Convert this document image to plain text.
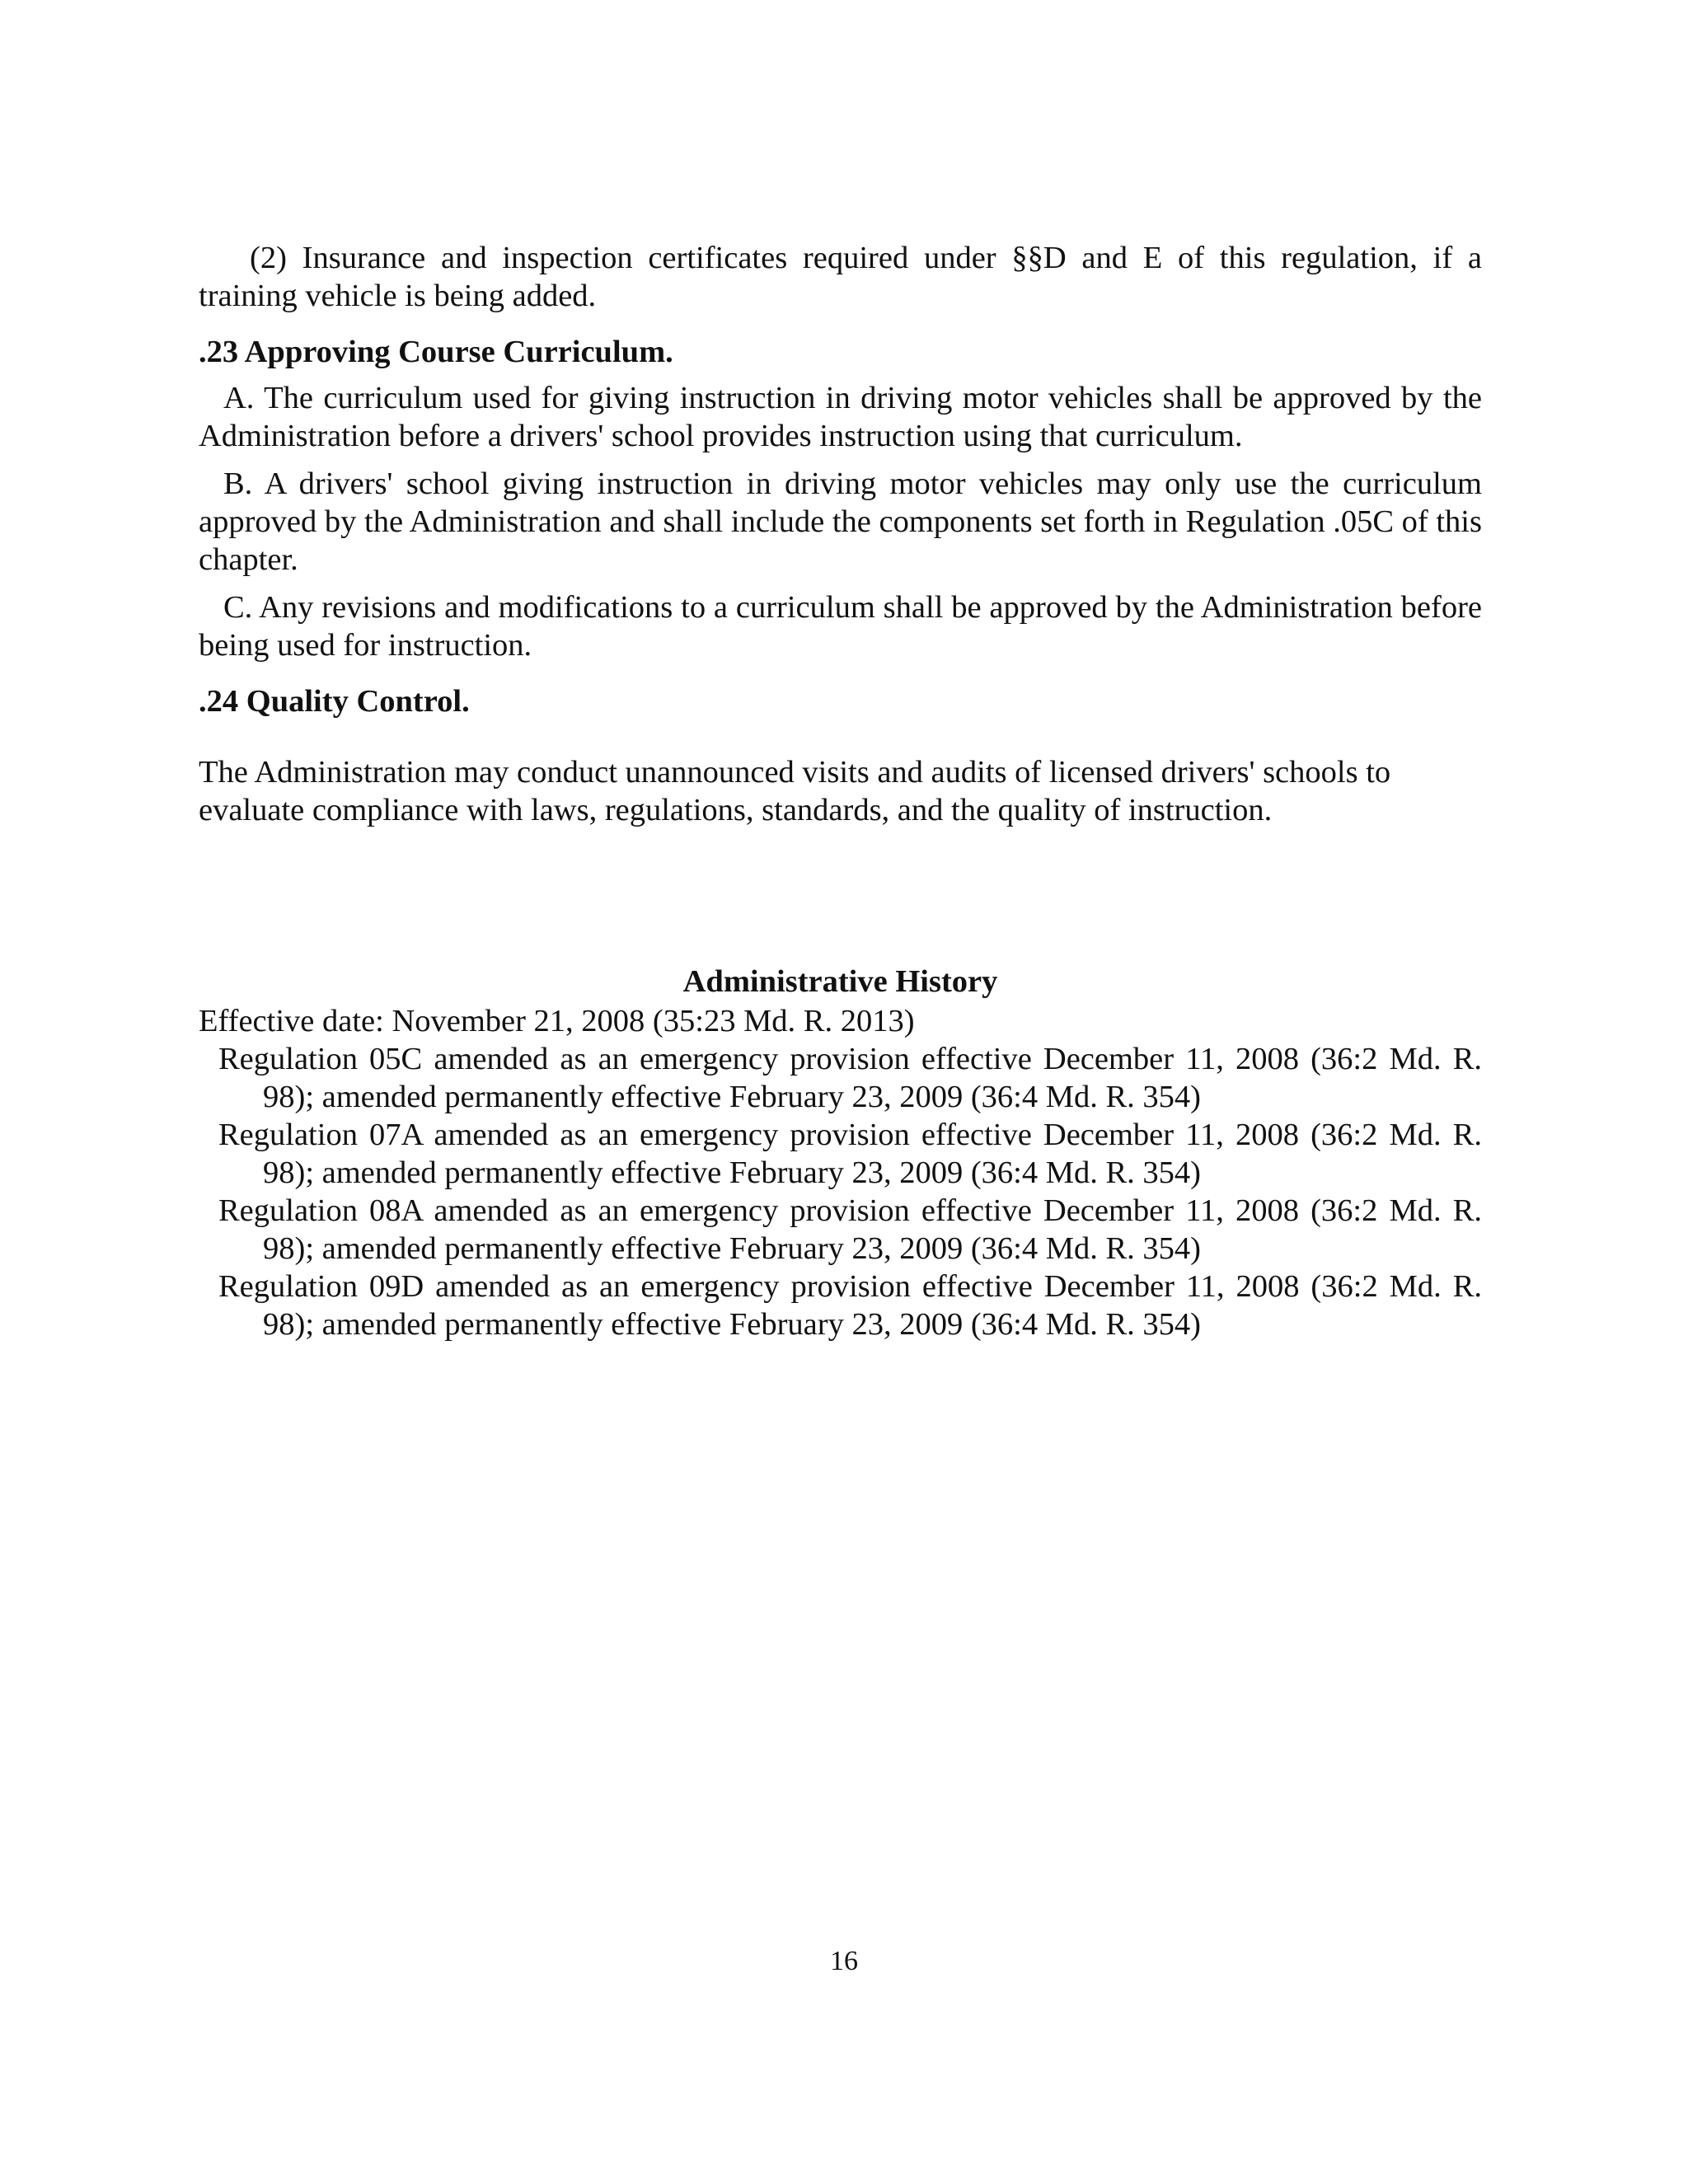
(2) Insurance and inspection certificates required under §§D and E of this regulation, if a training vehicle is being added.

.23 Approving Course Curriculum.

A. The curriculum used for giving instruction in driving motor vehicles shall be approved by the Administration before a drivers' school provides instruction using that curriculum.

B. A drivers' school giving instruction in driving motor vehicles may only use the curriculum approved by the Administration and shall include the components set forth in Regulation .05C of this chapter.

C. Any revisions and modifications to a curriculum shall be approved by the Administration before being used for instruction.

.24 Quality Control.

The Administration may conduct unannounced visits and audits of licensed drivers' schools to evaluate compliance with laws, regulations, standards, and the quality of instruction.

Administrative History

Effective date: November 21, 2008 (35:23 Md. R. 2013)

Regulation 05C amended as an emergency provision effective December 11, 2008 (36:2 Md. R. 98); amended permanently effective February 23, 2009 (36:4 Md. R. 354)

Regulation 07A amended as an emergency provision effective December 11, 2008 (36:2 Md. R. 98); amended permanently effective February 23, 2009 (36:4 Md. R. 354)

Regulation 08A amended as an emergency provision effective December 11, 2008 (36:2 Md. R. 98); amended permanently effective February 23, 2009 (36:4 Md. R. 354)

Regulation 09D amended as an emergency provision effective December 11, 2008 (36:2 Md. R. 98); amended permanently effective February 23, 2009 (36:4 Md. R. 354)

16
